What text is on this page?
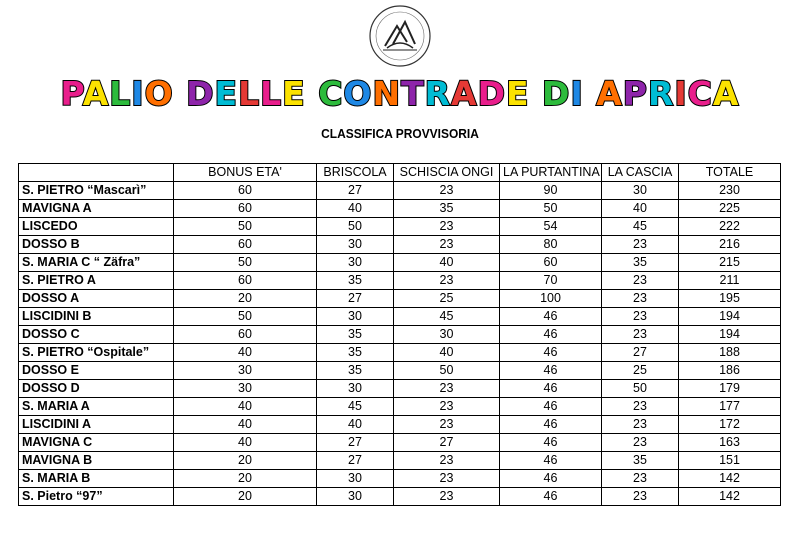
PALIO DELLE CONTRADE DI APRICA
CLASSIFICA PROVVISORIA
	BONUS ETA'	BRISCOLA	SCHISCIA ONGI	LA PURTANTINA	LA CASCIA	TOTALE
S. PIETRO “Mascarì”	60	27	23	90	30	230
MAVIGNA A	60	40	35	50	40	225
LISCEDO	50	50	23	54	45	222
DOSSO B	60	30	23	80	23	216
S. MARIA C “ Zäfra”	50	30	40	60	35	215
S. PIETRO A	60	35	23	70	23	211
DOSSO A	20	27	25	100	23	195
LISCIDINI B	50	30	45	46	23	194
DOSSO C	60	35	30	46	23	194
S. PIETRO “Ospitale”	40	35	40	46	27	188
DOSSO E	30	35	50	46	25	186
DOSSO D	30	30	23	46	50	179
S. MARIA A	40	45	23	46	23	177
LISCIDINI A	40	40	23	46	23	172
MAVIGNA C	40	27	27	46	23	163
MAVIGNA B	20	27	23	46	35	151
S. MARIA B	20	30	23	46	23	142
S. Pietro “97”	20	30	23	46	23	142
